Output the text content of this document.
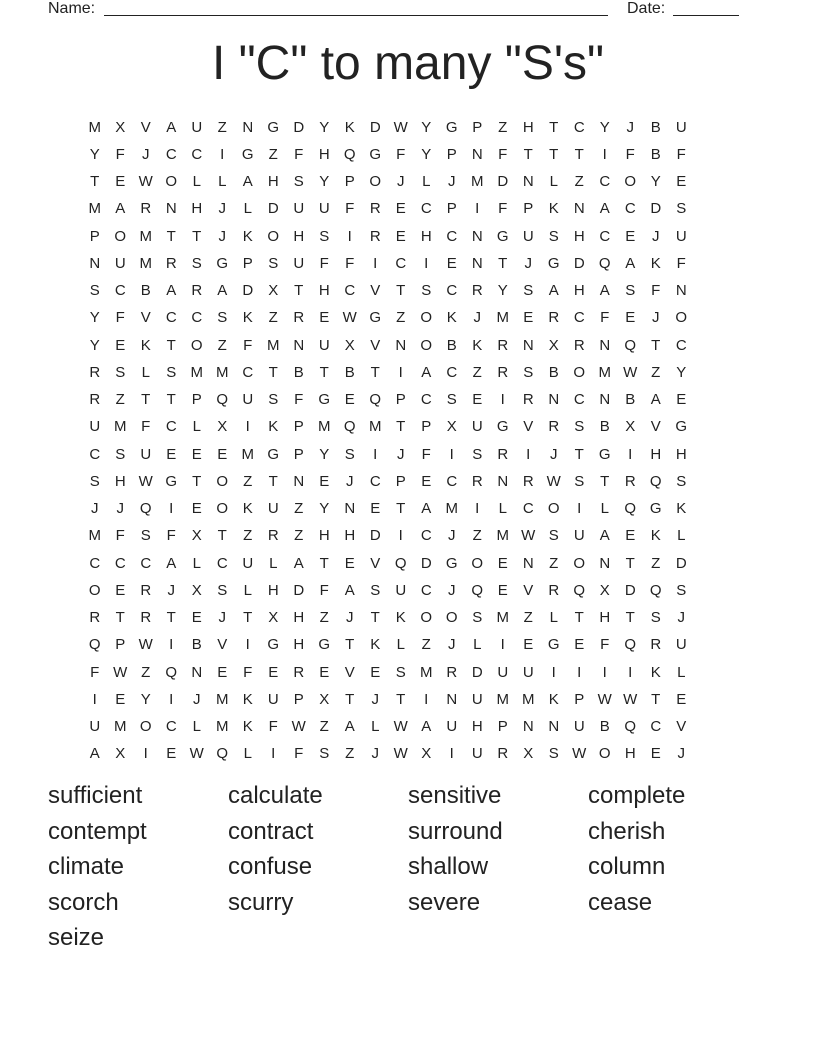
Name:	Date:
I "C" to many "S's"
M X	V	A	U	Z	N G D	Y	K	D W Y G P	Z	H	T	C	Y	J	B	U
Y	F	J	C C	I	G	Z	F	H Q G	F	Y	P	N	F	T	T	T	I	F	B	F
T	E W O	L	L	A	H	S	Y	P O	J	L	J	M D N	L	Z	C O Y	E
M A	R N H	J	L	D U U	F	R	E	C	P	I	F	P	K	N	A	C D	S
P O M T	T	J	K O H	S	I	R	E	H C N G U	S	H C	E	J	U
N U M R	S G P	S	U	F	F	I	C	I	E	N	T	J	G D Q A	K	F
S	C	B	A	R	A	D	X	T	H C	V	T	S	C R	Y	S	A	H	A	S	F	N
Y	F	V	C C	S	K	Z	R	E W G	Z	O K	J	M E	R C	F	E	J	O
Y	E	K	T	O	Z	F M N U	X	V	N O B	K	R N	X	R N Q	T	C
R	S	L	S M M C	T	B	T	B	T	I	A	C	Z	R	S	B O M W Z	Y
R	Z	T	T	P Q U	S	F	G E Q P	C	S	E	I	R N C N	B	A	E
U M F	C	L	X	I	K	P M Q M T	P	X	U G V	R	S	B	X	V G
C	S	U	E	E	E M G P	Y	S	I	J	F	I	S	R	I	J	T	G	I	H H
S	H W G	T	O	Z	T	N	E	J	C	P	E	C R N R W S	T	R Q S
J	J	Q	I	E O K	U	Z	Y	N	E	T	A M	I	L	C O	I	L	Q G K
M F	S	F	X	T	Z	R	Z	H H D	I	C	J	Z M W S	U	A	E	K	L
C C C	A	L	C U	L	A	T	E	V Q D G O E	N	Z	O N	T	Z	D
O E	R	J	X	S	L	H D	F	A	S	U C	J	Q E	V	R Q X	D Q S
R	T	R	T	E	J	T	X	H	Z	J	T	K O O S M Z	L	T	H	T	S	J
Q P W	I	B	V	I	G H G	T	K	L	Z	J	L	I	E G E	F	Q R U
F W Z	Q N	E	F	E	R	E	V	E	S M R D U U	I	I	I	I	K	L
I	E	Y	I	J	M K	U	P	X	T	J	T	I	N U M M K	P W W T	E
U M O C	L	M K	F W Z	A	L W A	U H	P	N N U	B Q C	V
A	X	I	E W Q	L	I	F	S	Z	J W X	I	U R	X	S W O H	E	J
sufficient	calculate	sensitive	complete
contempt	contract	surround	cherish
climate	confuse	shallow	column
scorch	scurry	severe	cease
seize
